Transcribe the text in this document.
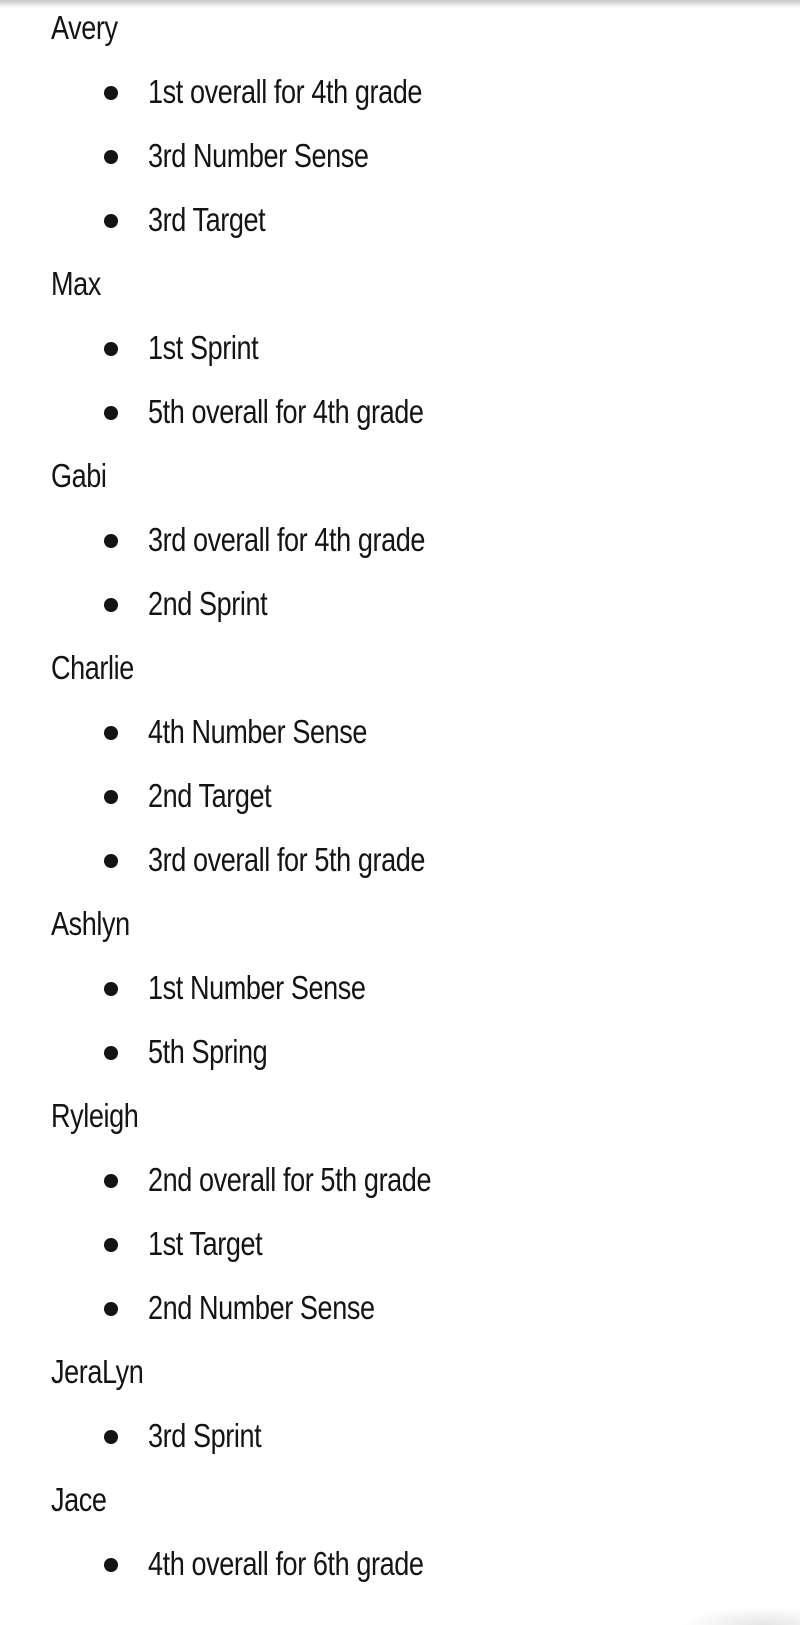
Avery
1st overall for 4th grade
3rd Number Sense
3rd Target
Max
1st Sprint
5th overall for 4th grade
Gabi
3rd overall for 4th grade
2nd Sprint
Charlie
4th Number Sense
2nd Target
3rd overall for 5th grade
Ashlyn
1st Number Sense
5th Spring
Ryleigh
2nd overall for 5th grade
1st Target
2nd Number Sense
JeraLyn
3rd Sprint
Jace
4th overall for 6th grade
